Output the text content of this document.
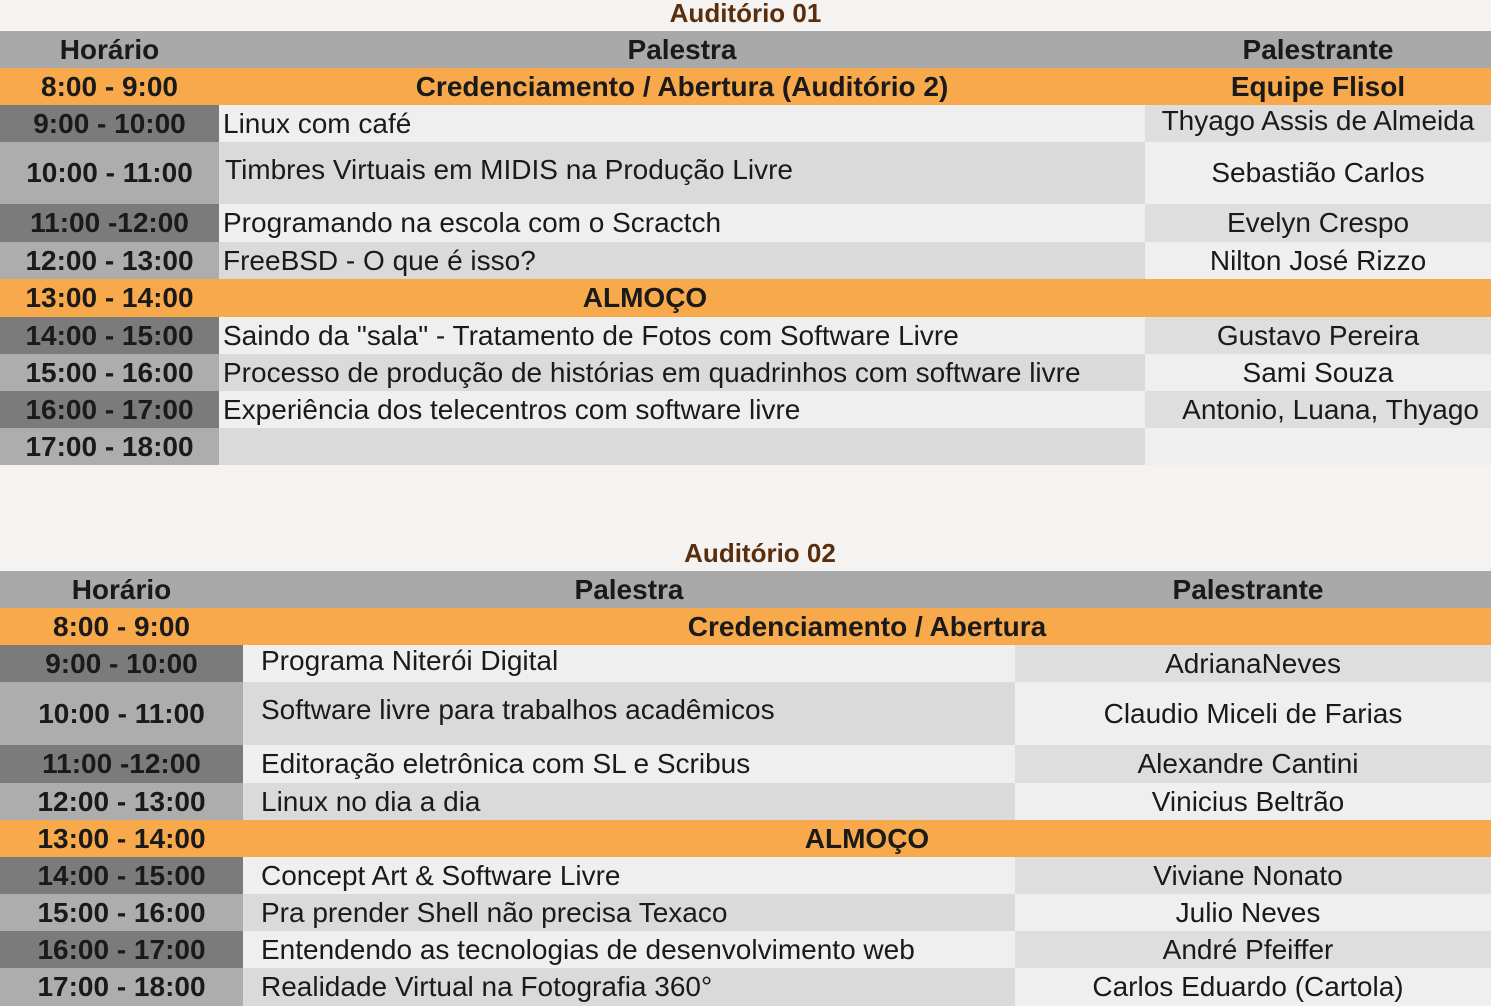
Auditório 01
Horário	Palestra	Palestrante
8:00 - 9:00	Credenciamento / Abertura (Auditório 2)	Equipe Flisol
9:00 - 10:00	Linux com café	Thyago Assis de Almeida
10:00 - 11:00	Timbres Virtuais em MIDIS na Produção Livre	Sebastião Carlos
11:00 -12:00	Programando na escola com o Scractch	Evelyn Crespo
12:00 - 13:00	FreeBSD - O que é isso?	Nilton José Rizzo
13:00 - 14:00	ALMOÇO
14:00 - 15:00	Saindo da "sala" - Tratamento de Fotos com Software Livre	Gustavo Pereira
15:00 - 16:00	Processo de produção de histórias em quadrinhos com software livre	Sami Souza
16:00 - 17:00	Experiência dos telecentros com software livre	Antonio, Luana, Thyago
17:00 - 18:00
Auditório 02
Horário	Palestra	Palestrante
8:00 - 9:00	Credenciamento / Abertura
9:00 - 10:00	Programa Niterói Digital	AdrianaNeves
10:00 - 11:00	Software livre para trabalhos acadêmicos	Claudio Miceli de Farias
11:00 -12:00	Editoração eletrônica com SL e Scribus	Alexandre Cantini
12:00 - 13:00	Linux no dia a dia	Vinicius Beltrão
13:00 - 14:00	ALMOÇO
14:00 - 15:00	Concept Art & Software Livre	Viviane Nonato
15:00 - 16:00	Pra prender Shell não precisa Texaco	Julio Neves
16:00 - 17:00	Entendendo as tecnologias de desenvolvimento web	André Pfeiffer
17:00 - 18:00	Realidade Virtual na Fotografia 360°	Carlos Eduardo (Cartola)
